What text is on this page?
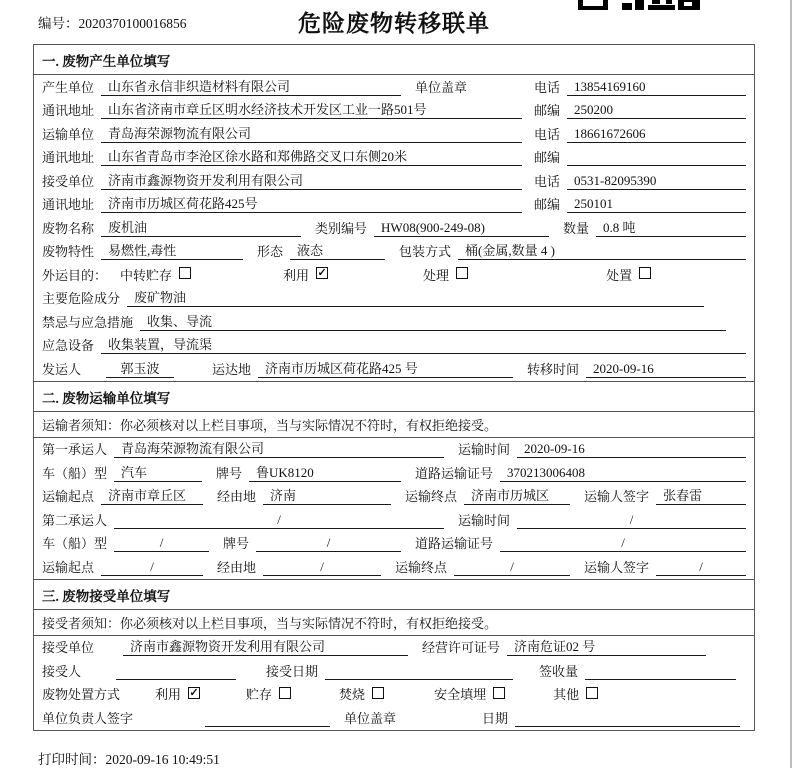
编号：2020370100016856	危险废物转移联单
一. 废物产生单位填写
产生单位	山东省永信非织造材料有限公司	单位盖章	电话	13854169160
通讯地址	山东省济南市章丘区明水经济技术开发区工业一路501号	邮编	250200
运输单位	青岛海荣源物流有限公司	电话	18661672606
通讯地址	山东省青岛市李沧区徐水路和郑佛路交叉口东侧20米	邮编
接受单位	济南市鑫源物资开发利用有限公司	电话	0531-82095390
通讯地址	济南市历城区荷花路425号	邮编	250101
废物名称	废机油	类别编号	HW08(900-249-08)	数量	0.8 吨
废物特性	易燃性,毒性	形态	液态	包装方式	桶(金属,数量 4 )
外运目的： 中转贮存	利用 ✓	处理	处置
主要危险成分	废矿物油
禁忌与应急措施	收集、导流
应急设备	收集装置，导流渠
发运人	郭玉波	运达地	济南市历城区荷花路425 号	转移时间	2020-09-16
二. 废物运输单位填写
运输者须知：你必须核对以上栏目事项，当与实际情况不符时，有权拒绝接受。
第一承运人	青岛海荣源物流有限公司	运输时间	2020-09-16
车（船）型	汽车	牌号	鲁UK8120	道路运输证号	370213006408
运输起点	济南市章丘区	经由地	济南	运输终点	济南市历城区	运输人签字	张春雷
第二承运人	/	运输时间	/
车（船）型	/	牌号	/	道路运输证号	/
运输起点	/	经由地	/	运输终点	/	运输人签字	/
三. 废物接受单位填写
接受者须知：你必须核对以上栏目事项，当与实际情况不符时，有权拒绝接受。
接受单位	济南市鑫源物资开发利用有限公司	经营许可证号	济南危证02 号
接受人	接受日期	签收量
废物处置方式	利用 ✓	贮存	焚烧	安全填埋	其他
单位负责人签字	单位盖章	日期
打印时间：2020-09-16 10:49:51
